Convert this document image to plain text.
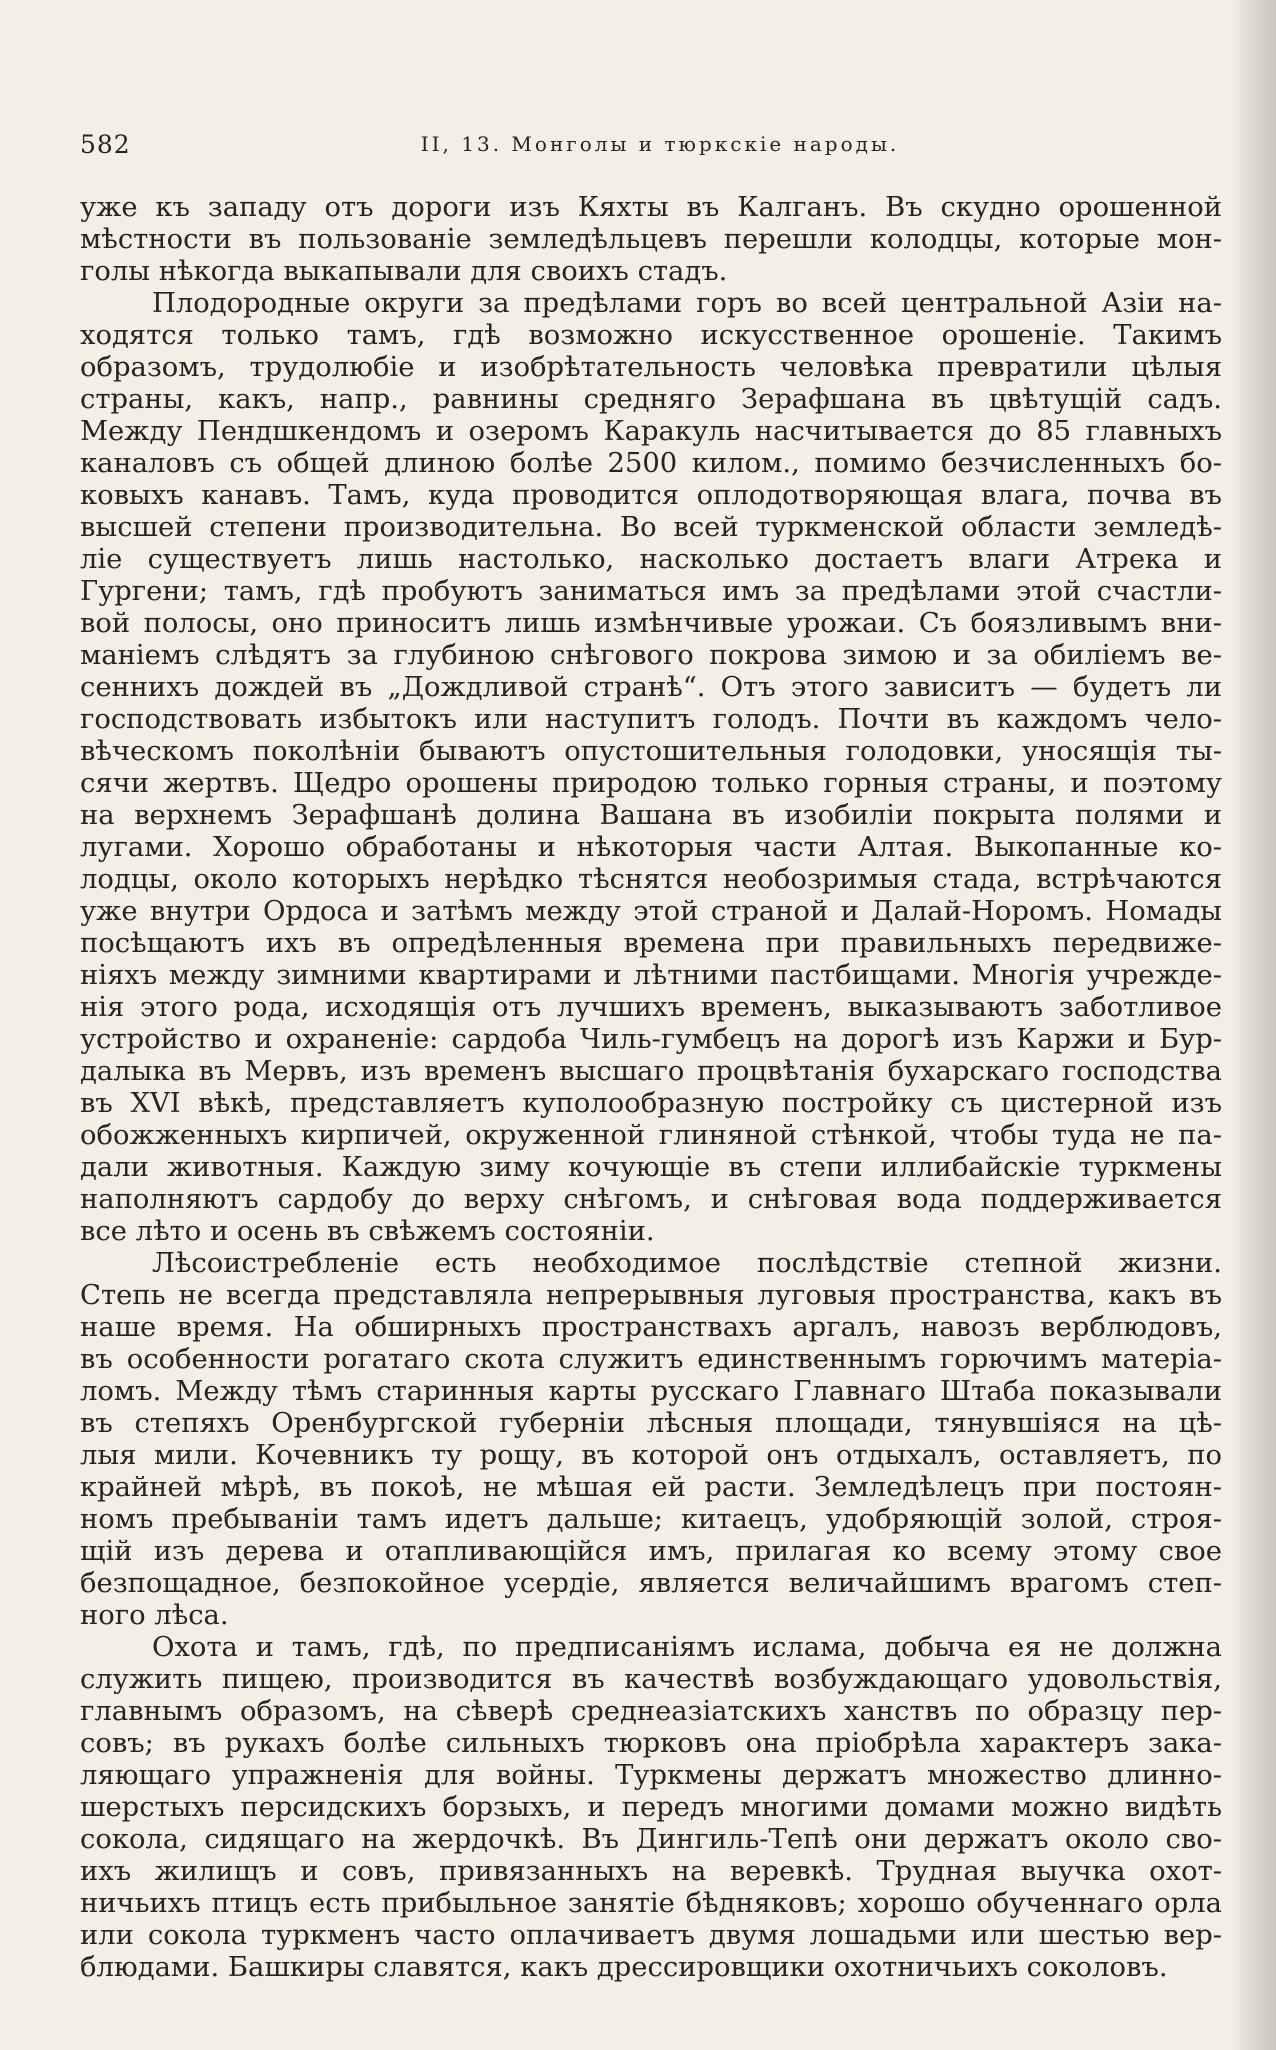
582	II, 13. Монголы и тюркскіе народы.
уже къ западу отъ дороги изъ Кяхты въ Калганъ. Въ скудно орошенной
мѣстности въ пользованіе земледѣльцевъ перешли колодцы, которые мон-
голы нѣкогда выкапывали для своихъ стадъ.
Плодородные округи за предѣлами горъ во всей центральной Азіи на-
ходятся только тамъ, гдѣ возможно искусственное орошеніе. Такимъ
образомъ, трудолюбіе и изобрѣтательность человѣка превратили цѣлыя
страны, какъ, напр., равнины средняго Зерафшана въ цвѣтущій садъ.
Между Пендшкендомъ и озеромъ Каракуль насчитывается до 85 главныхъ
каналовъ съ общей длиною болѣе 2500 килом., помимо безчисленныхъ бо-
ковыхъ канавъ. Тамъ, куда проводится оплодотворяющая влага, почва въ
высшей степени производительна. Во всей туркменской области земледѣ-
ліе существуетъ лишь настолько, насколько достаетъ влаги Атрека и
Гургени; тамъ, гдѣ пробуютъ заниматься имъ за предѣлами этой счастли-
вой полосы, оно приноситъ лишь измѣнчивые урожаи. Съ боязливымъ вни-
маніемъ слѣдятъ за глубиною снѣгового покрова зимою и за обиліемъ ве-
сеннихъ дождей въ „Дождливой странѣ“. Отъ этого зависитъ — будетъ ли
господствовать избытокъ или наступитъ голодъ. Почти въ каждомъ чело-
вѣческомъ поколѣніи бываютъ опустошительныя голодовки, уносящія ты-
сячи жертвъ. Щедро орошены природою только горныя страны, и поэтому
на верхнемъ Зерафшанѣ долина Вашана въ изобиліи покрыта полями и
лугами. Хорошо обработаны и нѣкоторыя части Алтая. Выкопанные ко-
лодцы, около которыхъ нерѣдко тѣснятся необозримыя стада, встрѣчаются
уже внутри Ордоса и затѣмъ между этой страной и Далай-Норомъ. Номады
посѣщаютъ ихъ въ опредѣленныя времена при правильныхъ передвиже-
ніяхъ между зимними квартирами и лѣтними пастбищами. Многія учрежде-
нія этого рода, исходящія отъ лучшихъ временъ, выказываютъ заботливое
устройство и охраненіе: сардоба Чиль-гумбецъ на дорогѣ изъ Каржи и Бур-
далыка въ Мервъ, изъ временъ высшаго процвѣтанія бухарскаго господства
въ XVI вѣкѣ, представляетъ куполообразную постройку съ цистерной изъ
обожженныхъ кирпичей, окруженной глиняной стѣнкой, чтобы туда не па-
дали животныя. Каждую зиму кочующіе въ степи иллибайскіе туркмены
наполняютъ сардобу до верху снѣгомъ, и снѣговая вода поддерживается
все лѣто и осень въ свѣжемъ состояніи.
Лѣсоистребленіе есть необходимое послѣдствіе степной жизни.
Степь не всегда представляла непрерывныя луговыя пространства, какъ въ
наше время. На обширныхъ пространствахъ аргалъ, навозъ верблюдовъ,
въ особенности рогатаго скота служитъ единственнымъ горючимъ матеріа-
ломъ. Между тѣмъ старинныя карты русскаго Главнаго Штаба показывали
въ степяхъ Оренбургской губерніи лѣсныя площади, тянувшіяся на цѣ-
лыя мили. Кочевникъ ту рощу, въ которой онъ отдыхалъ, оставляетъ, по
крайней мѣрѣ, въ покоѣ, не мѣшая ей расти. Земледѣлецъ при постоян-
номъ пребываніи тамъ идетъ дальше; китаецъ, удобряющій золой, строя-
щій изъ дерева и отапливающійся имъ, прилагая ко всему этому свое
безпощадное, безпокойное усердіе, является величайшимъ врагомъ степ-
ного лѣса.
Охота и тамъ, гдѣ, по предписаніямъ ислама, добыча ея не должна
служить пищею, производится въ качествѣ возбуждающаго удовольствія,
главнымъ образомъ, на сѣверѣ среднеазіатскихъ ханствъ по образцу пер-
совъ; въ рукахъ болѣе сильныхъ тюрковъ она пріобрѣла характеръ зака-
ляющаго упражненія для войны. Туркмены держатъ множество длинно-
шерстыхъ персидскихъ борзыхъ, и передъ многими домами можно видѣть
сокола, сидящаго на жердочкѣ. Въ Дингиль-Тепѣ они держатъ около сво-
ихъ жилищъ и совъ, привязанныхъ на веревкѣ. Трудная выучка охот-
ничьихъ птицъ есть прибыльное занятіе бѣдняковъ; хорошо обученнаго орла
или сокола туркменъ часто оплачиваетъ двумя лошадьми или шестью вер-
блюдами. Башкиры славятся, какъ дрессировщики охотничьихъ соколовъ.
